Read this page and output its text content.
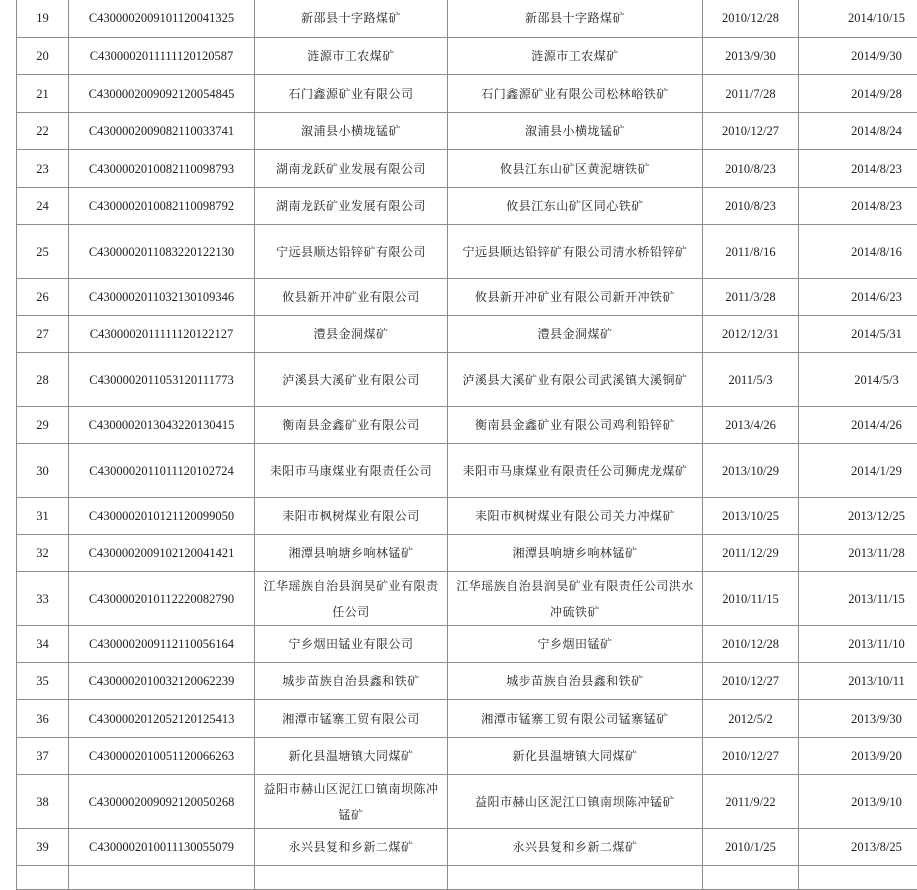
19	C4300002009101120041325	新邵县十字路煤矿	新邵县十字路煤矿	2010/12/28	2014/10/15
20	C4300002011111120120587	涟源市工农煤矿	涟源市工农煤矿	2013/9/30	2014/9/30
21	C4300002009092120054845	石门鑫源矿业有限公司	石门鑫源矿业有限公司松林峪铁矿	2011/7/28	2014/9/28
22	C4300002009082110033741	溆浦县小横垅锰矿	溆浦县小横垅锰矿	2010/12/27	2014/8/24
23	C4300002010082110098793	湖南龙跃矿业发展有限公司	攸县江东山矿区黄泥塘铁矿	2010/8/23	2014/8/23
24	C4300002010082110098792	湖南龙跃矿业发展有限公司	攸县江东山矿区同心铁矿	2010/8/23	2014/8/23
25	C4300002011083220122130	宁远县顺达铅锌矿有限公司	宁远县顺达铅锌矿有限公司清水桥铅锌矿	2011/8/16	2014/8/16
26	C4300002011032130109346	攸县新开冲矿业有限公司	攸县新开冲矿业有限公司新开冲铁矿	2011/3/28	2014/6/23
27	C4300002011111120122127	澧县金洞煤矿	澧县金洞煤矿	2012/12/31	2014/5/31
28	C4300002011053120111773	泸溪县大溪矿业有限公司	泸溪县大溪矿业有限公司武溪镇大溪铜矿	2011/5/3	2014/5/3
29	C4300002013043220130415	衡南县金鑫矿业有限公司	衡南县金鑫矿业有限公司鸡利铅锌矿	2013/4/26	2014/4/26
30	C4300002011011120102724	耒阳市马康煤业有限责任公司	耒阳市马康煤业有限责任公司狮虎龙煤矿	2013/10/29	2014/1/29
31	C4300002010121120099050	耒阳市枫树煤业有限公司	耒阳市枫树煤业有限公司关力冲煤矿	2013/10/25	2013/12/25
32	C4300002009102120041421	湘潭县响塘乡响林锰矿	湘潭县响塘乡响林锰矿	2011/12/29	2013/11/28
33	C4300002010112220082790	江华瑶族自治县润昊矿业有限责任公司	江华瑶族自治县润昊矿业有限责任公司洪水冲硫铁矿	2010/11/15	2013/11/15
34	C4300002009112110056164	宁乡烟田锰业有限公司	宁乡烟田锰矿	2010/12/28	2013/11/10
35	C4300002010032120062239	城步苗族自治县鑫和铁矿	城步苗族自治县鑫和铁矿	2010/12/27	2013/10/11
36	C4300002012052120125413	湘潭市锰寨工贸有限公司	湘潭市锰寨工贸有限公司锰寨锰矿	2012/5/2	2013/9/30
37	C4300002010051120066263	新化县温塘镇大同煤矿	新化县温塘镇大同煤矿	2010/12/27	2013/9/20
38	C4300002009092120050268	益阳市赫山区泥江口镇南坝陈冲锰矿	益阳市赫山区泥江口镇南坝陈冲锰矿	2011/9/22	2013/9/10
39	C4300002010011130055079	永兴县复和乡新二煤矿	永兴县复和乡新二煤矿	2010/1/25	2013/8/25
